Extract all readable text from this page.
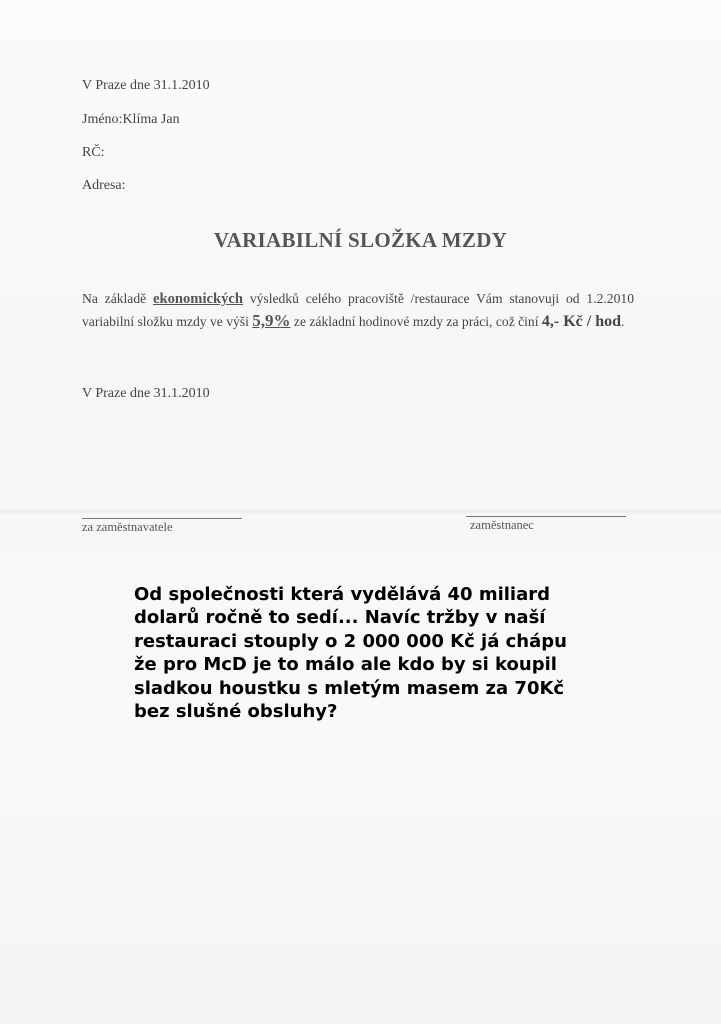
V Praze dne 31.1.2010
Jméno:Klíma Jan
RČ:
Adresa:
VARIABILNÍ SLOŽKA MZDY
Na základě ekonomických výsledků celého pracoviště /restaurace Vám stanovuji od 1.2.2010 variabilní složku mzdy ve výši 5,9% ze základní hodinové mzdy za práci, což činí 4,- Kč / hod.
V Praze dne 31.1.2010
za zaměstnavatele	zaměstnanec
Od společnosti která vydělává 40 miliard
dolarů ročně to sedí... Navíc tržby v naší
restauraci stouply o 2 000 000 Kč já chápu
že pro McD je to málo ale kdo by si koupil
sladkou houstku s mletým masem za 70Kč
bez slušné obsluhy?
